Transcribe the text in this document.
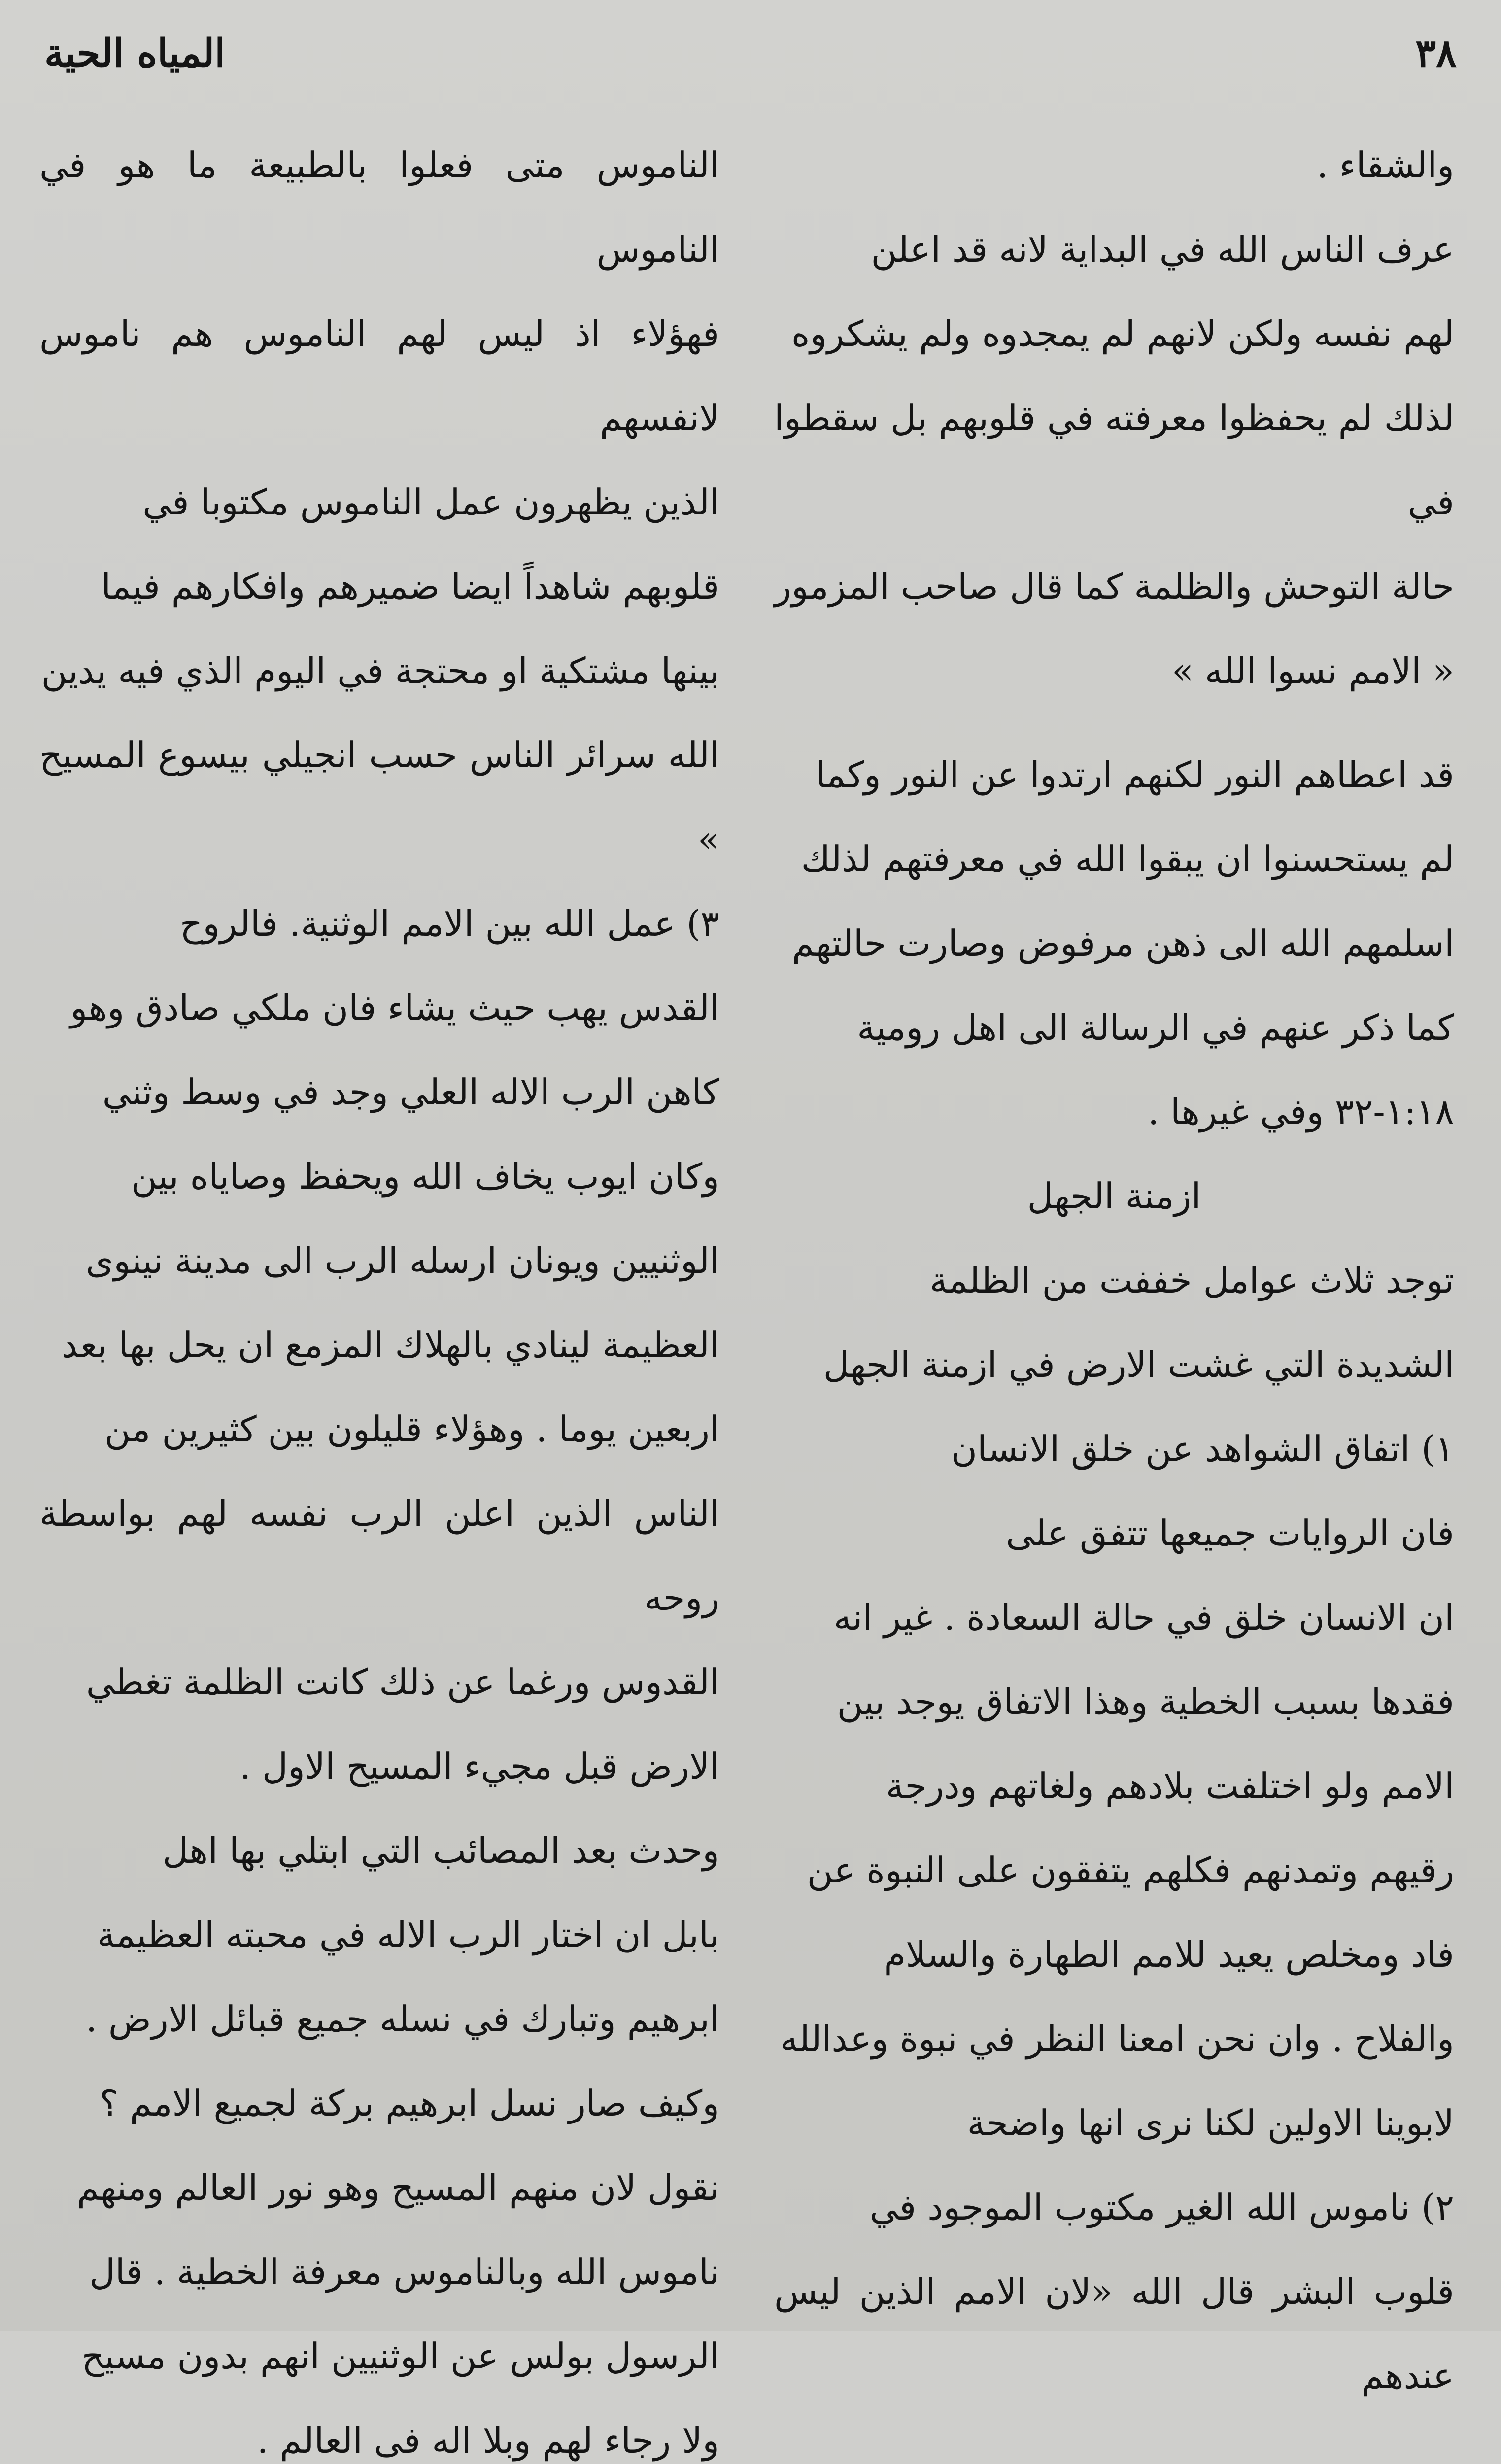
٣٨
المياه الحية

والشقاء .

عرف الناس الله في البداية لانه قد اعلن
لهم نفسه ولكن لانهم لم يمجدوه ولم يشكروه
لذلك لم يحفظوا معرفته في قلوبهم بل سقطوا في
حالة التوحش والظلمة كما قال صاحب المزمور
« الامم نسوا الله »

قد اعطاهم النور لكنهم ارتدوا عن النور وكما
لم يستحسنوا ان يبقوا الله في معرفتهم لذلك
اسلمهم الله الى ذهن مرفوض وصارت حالتهم
كما ذكر عنهم في الرسالة الى اهل رومية
١:١٨-٣٢ وفي غيرها .

ازمنة الجهل

توجد ثلاث عوامل خففت من الظلمة
الشديدة التي غشت الارض في ازمنة الجهل

١) اتفاق الشواهد عن خلق الانسان

فان الروايات جميعها تتفق على
ان الانسان خلق في حالة السعادة . غير انه
فقدها بسبب الخطية وهذا الاتفاق يوجد بين
الامم ولو اختلفت بلادهم ولغاتهم ودرجة
رقيهم وتمدنهم فكلهم يتفقون على النبوة عن
فاد ومخلص يعيد للامم الطهارة والسلام
والفلاح . وان نحن امعنا النظر في نبوة وعدالله
لابوينا الاولين لكنا نرى انها واضحة

٢) ناموس الله الغير مكتوب الموجود في
قلوب البشر قال الله «لان الامم الذين ليس عندهم

الناموس متى فعلوا بالطبيعة ما هو في الناموس
فهؤلاء اذ ليس لهم الناموس هم ناموس لانفسهم
الذين يظهرون عمل الناموس مكتوبا في
قلوبهم شاهداً ايضا ضميرهم وافكارهم فيما
بينها مشتكية او محتجة في اليوم الذي فيه يدين
الله سرائر الناس حسب انجيلي بيسوع المسيح »

٣) عمل الله بين الامم الوثنية. فالروح
القدس يهب حيث يشاء فان ملكي صادق وهو
كاهن الرب الاله العلي وجد في وسط وثني
وكان ايوب يخاف الله ويحفظ وصاياه بين
الوثنيين ويونان ارسله الرب الى مدينة نينوى
العظيمة لينادي بالهلاك المزمع ان يحل بها بعد
اربعين يوما . وهؤلاء قليلون بين كثيرين من
الناس الذين اعلن الرب نفسه لهم بواسطة روحه
القدوس ورغما عن ذلك كانت الظلمة تغطي
الارض قبل مجيء المسيح الاول .

وحدث بعد المصائب التي ابتلي بها اهل
بابل ان اختار الرب الاله في محبته العظيمة
ابرهيم وتبارك في نسله جميع قبائل الارض .
وكيف صار نسل ابرهيم بركة لجميع الامم ؟
نقول لان منهم المسيح وهو نور العالم ومنهم
ناموس الله وبالناموس معرفة الخطية . قال
الرسول بولس عن الوثنيين انهم بدون مسيح
ولا رجاء لهم وبلا اله فى العالم .
